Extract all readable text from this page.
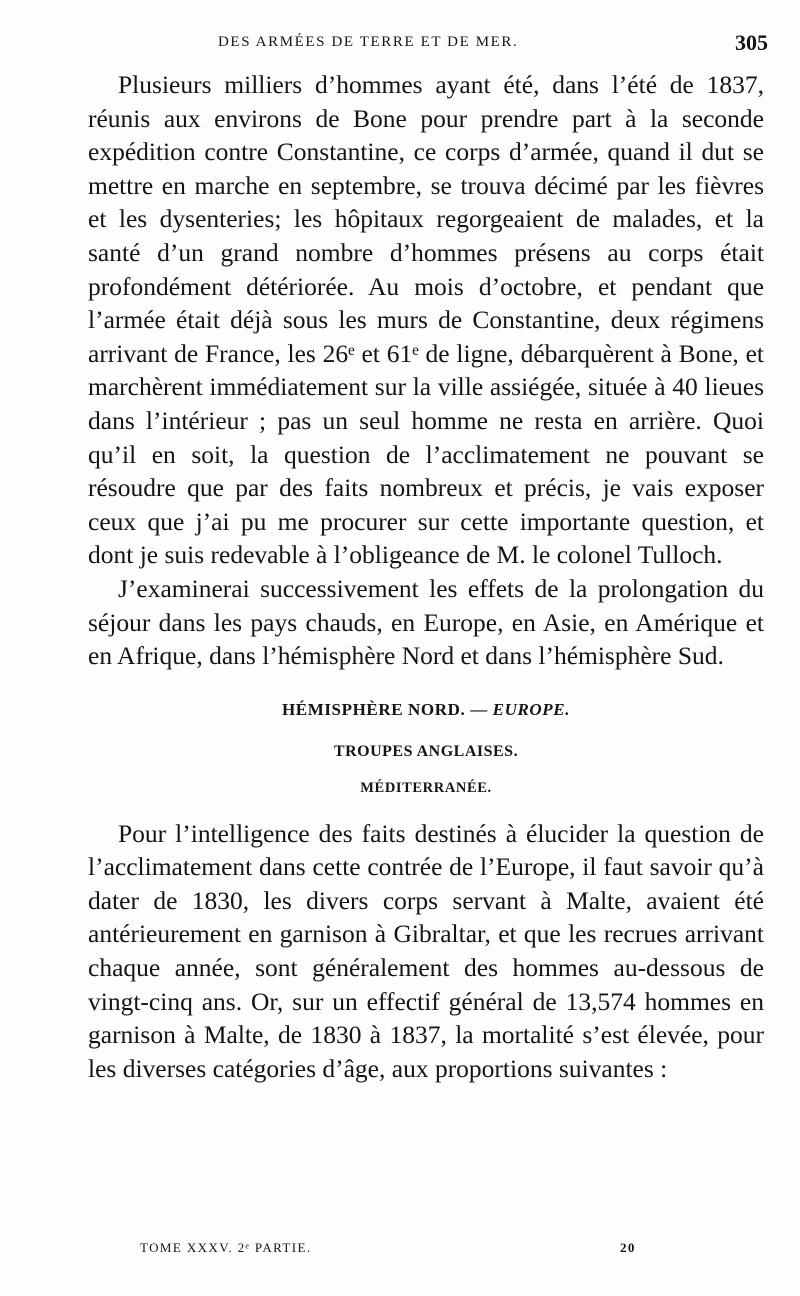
DES ARMÉES DE TERRE ET DE MER.	305

Plusieurs milliers d’hommes ayant été, dans l’été de 1837, réunis aux environs de Bone pour prendre part à la seconde expédition contre Constantine, ce corps d’armée, quand il dut se mettre en marche en septembre, se trouva décimé par les fièvres et les dysenteries; les hôpitaux regorgeaient de malades, et la santé d’un grand nombre d’hommes présens au corps était profondément détériorée. Au mois d’octobre, et pendant que l’armée était déjà sous les murs de Constantine, deux régimens arrivant de France, les 26ᵉ et 61ᵉ de ligne, débarquèrent à Bone, et marchèrent immédiatement sur la ville assiégée, située à 40 lieues dans l’intérieur ; pas un seul homme ne resta en arrière. Quoi qu’il en soit, la question de l’acclimatement ne pouvant se résoudre que par des faits nombreux et précis, je vais exposer ceux que j’ai pu me procurer sur cette importante question, et dont je suis redevable à l’obligeance de M. le colonel Tulloch.

J’examinerai successivement les effets de la prolongation du séjour dans les pays chauds, en Europe, en Asie, en Amérique et en Afrique, dans l’hémisphère Nord et dans l’hémisphère Sud.

HÉMISPHÈRE NORD. — EUROPE.

TROUPES ANGLAISES.

MÉDITERRANÉE.

Pour l’intelligence des faits destinés à élucider la question de l’acclimatement dans cette contrée de l’Europe, il faut savoir qu’à dater de 1830, les divers corps servant à Malte, avaient été antérieurement en garnison à Gibraltar, et que les recrues arrivant chaque année, sont généralement des hommes au-dessous de vingt-cinq ans. Or, sur un effectif général de 13,574 hommes en garnison à Malte, de 1830 à 1837, la mortalité s’est élevée, pour les diverses catégories d’âge, aux proportions suivantes :

TOME XXXV. 2ᵉ PARTIE.	20
